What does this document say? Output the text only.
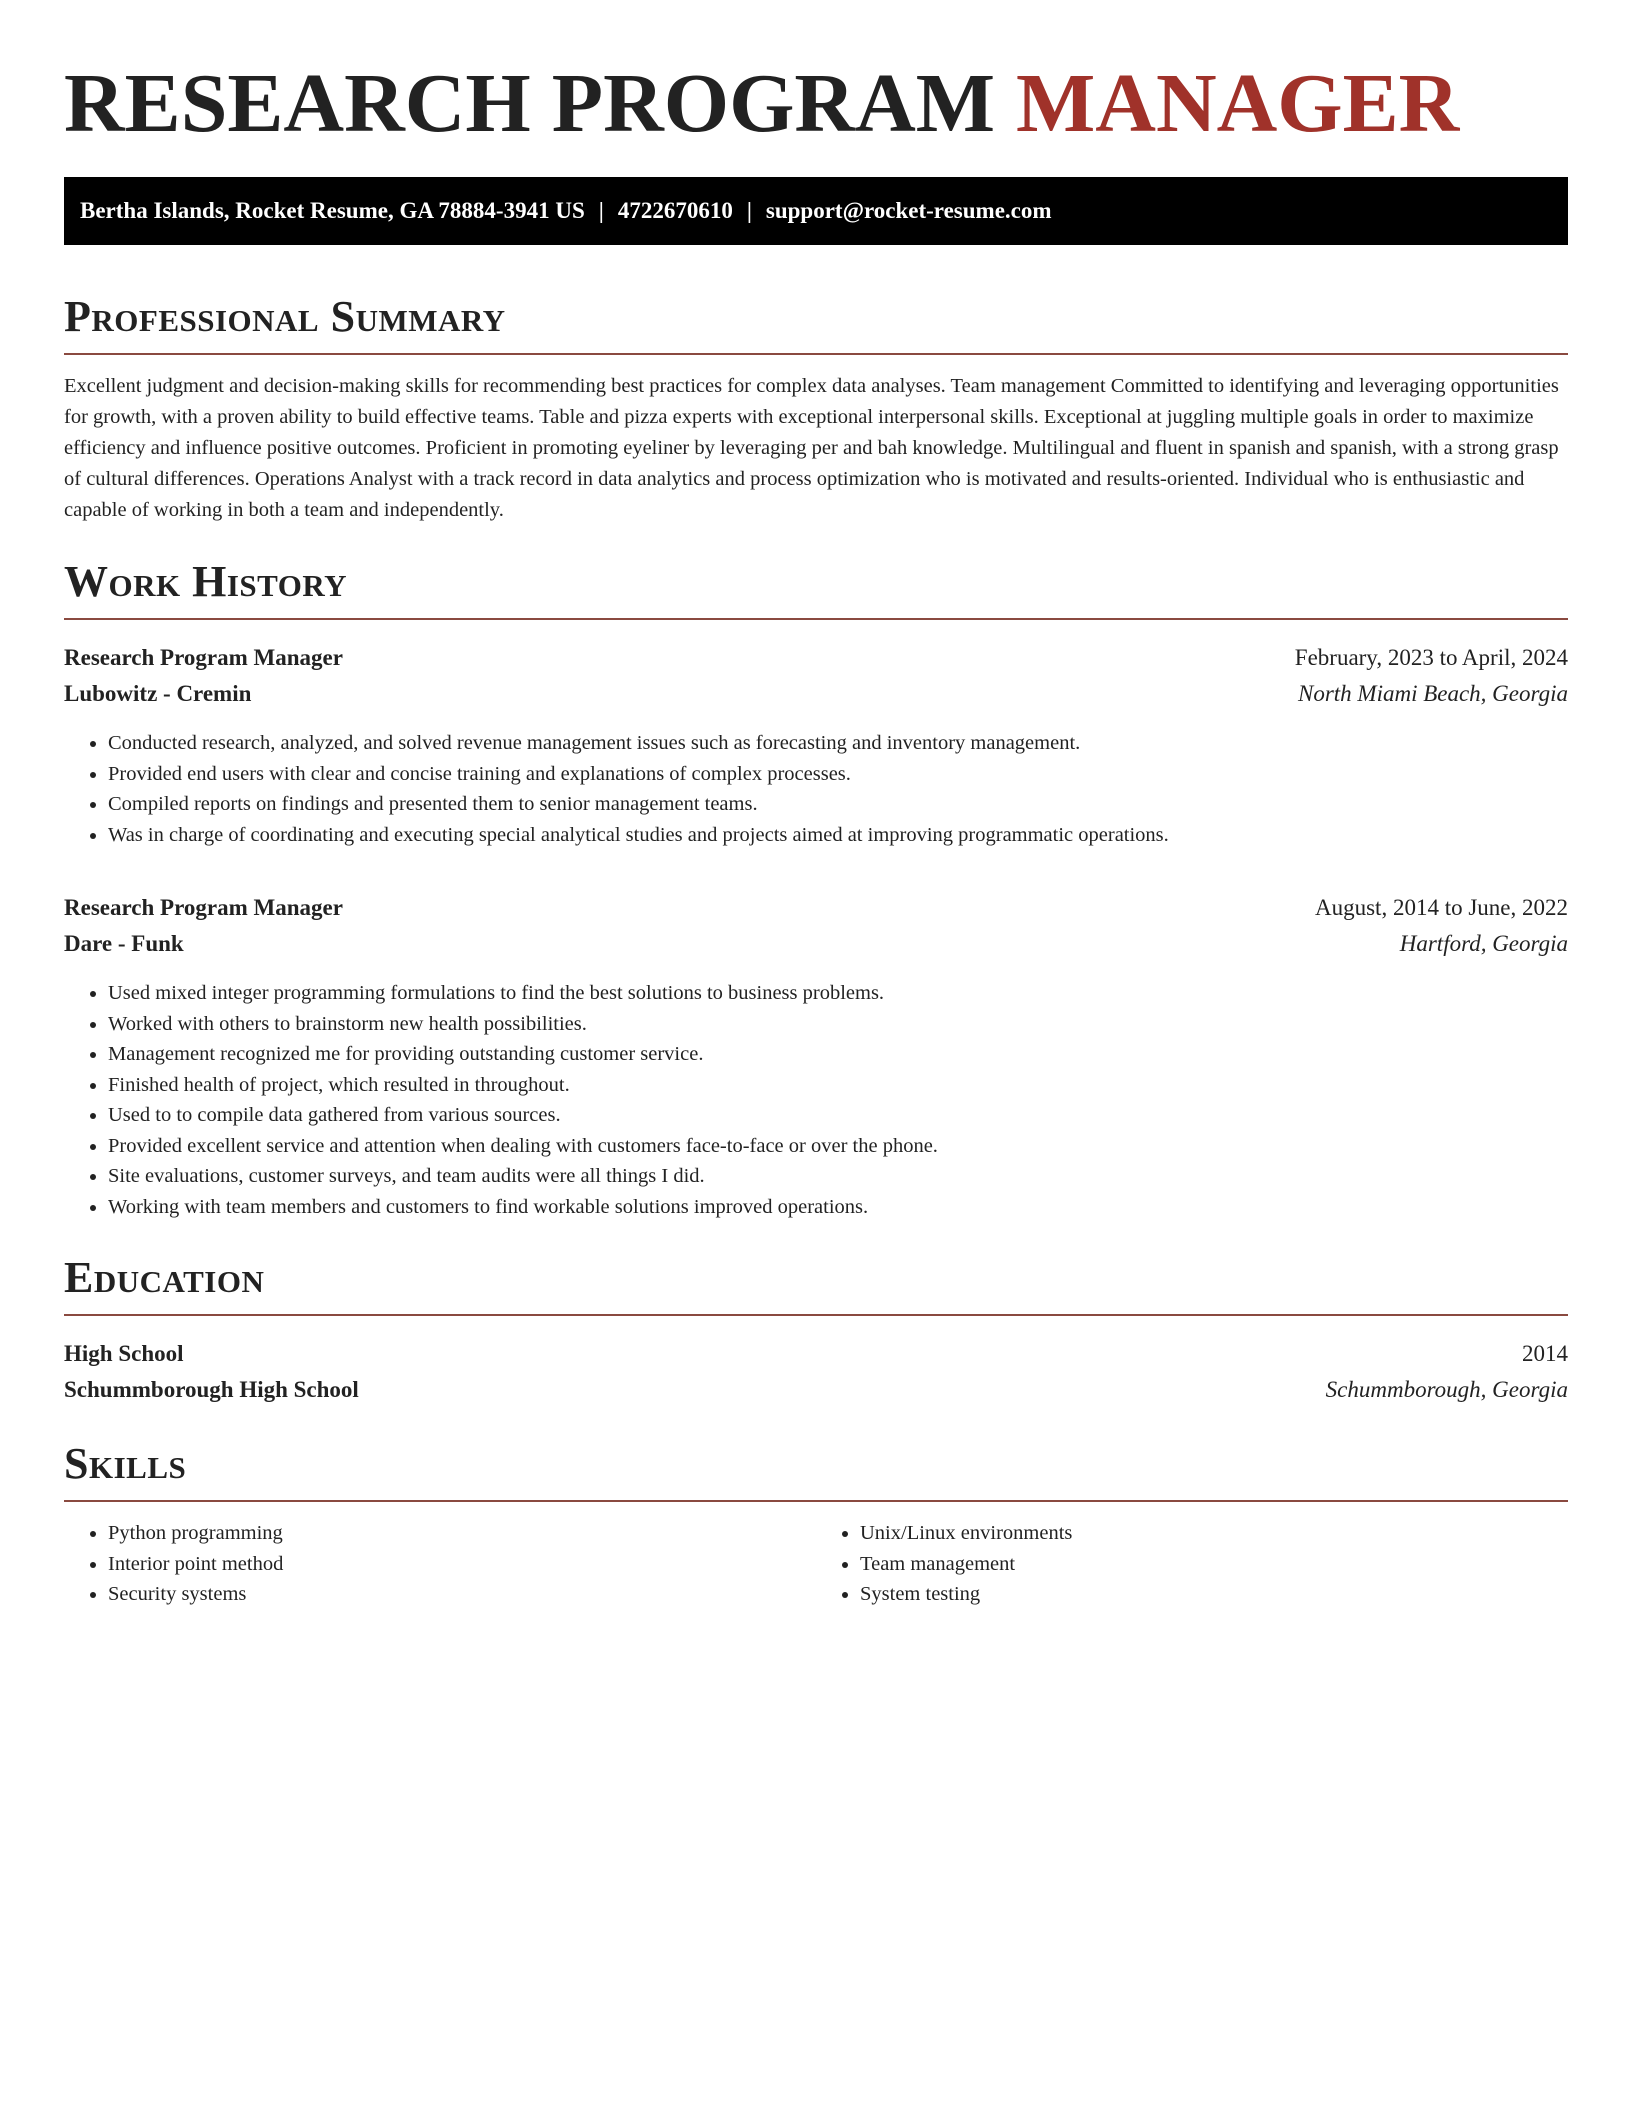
RESEARCH PROGRAM MANAGER
Bertha Islands, Rocket Resume, GA 78884-3941 US | 4722670610 | support@rocket-resume.com
Professional Summary

Excellent judgment and decision-making skills for recommending best practices for complex data analyses. Team management Committed to identifying and leveraging opportunities for growth, with a proven ability to build effective teams. Table and pizza experts with exceptional interpersonal skills. Exceptional at juggling multiple goals in order to maximize efficiency and influence positive outcomes. Proficient in promoting eyeliner by leveraging per and bah knowledge. Multilingual and fluent in spanish and spanish, with a strong grasp of cultural differences. Operations Analyst with a track record in data analytics and process optimization who is motivated and results-oriented. Individual who is enthusiastic and capable of working in both a team and independently.

Work History
Research Program Manager	February, 2023 to April, 2024
Lubowitz - Cremin	North Miami Beach, Georgia
• Conducted research, analyzed, and solved revenue management issues such as forecasting and inventory management.
• Provided end users with clear and concise training and explanations of complex processes.
• Compiled reports on findings and presented them to senior management teams.
• Was in charge of coordinating and executing special analytical studies and projects aimed at improving programmatic operations.
Research Program Manager	August, 2014 to June, 2022
Dare - Funk	Hartford, Georgia
• Used mixed integer programming formulations to find the best solutions to business problems.
• Worked with others to brainstorm new health possibilities.
• Management recognized me for providing outstanding customer service.
• Finished health of project, which resulted in throughout.
• Used to to compile data gathered from various sources.
• Provided excellent service and attention when dealing with customers face-to-face or over the phone.
• Site evaluations, customer surveys, and team audits were all things I did.
• Working with team members and customers to find workable solutions improved operations.
Education
High School	2014
Schummborough High School	Schummborough, Georgia
Skills
• Python programming
• Interior point method
• Security systems
• Unix/Linux environments
• Team management
• System testing
